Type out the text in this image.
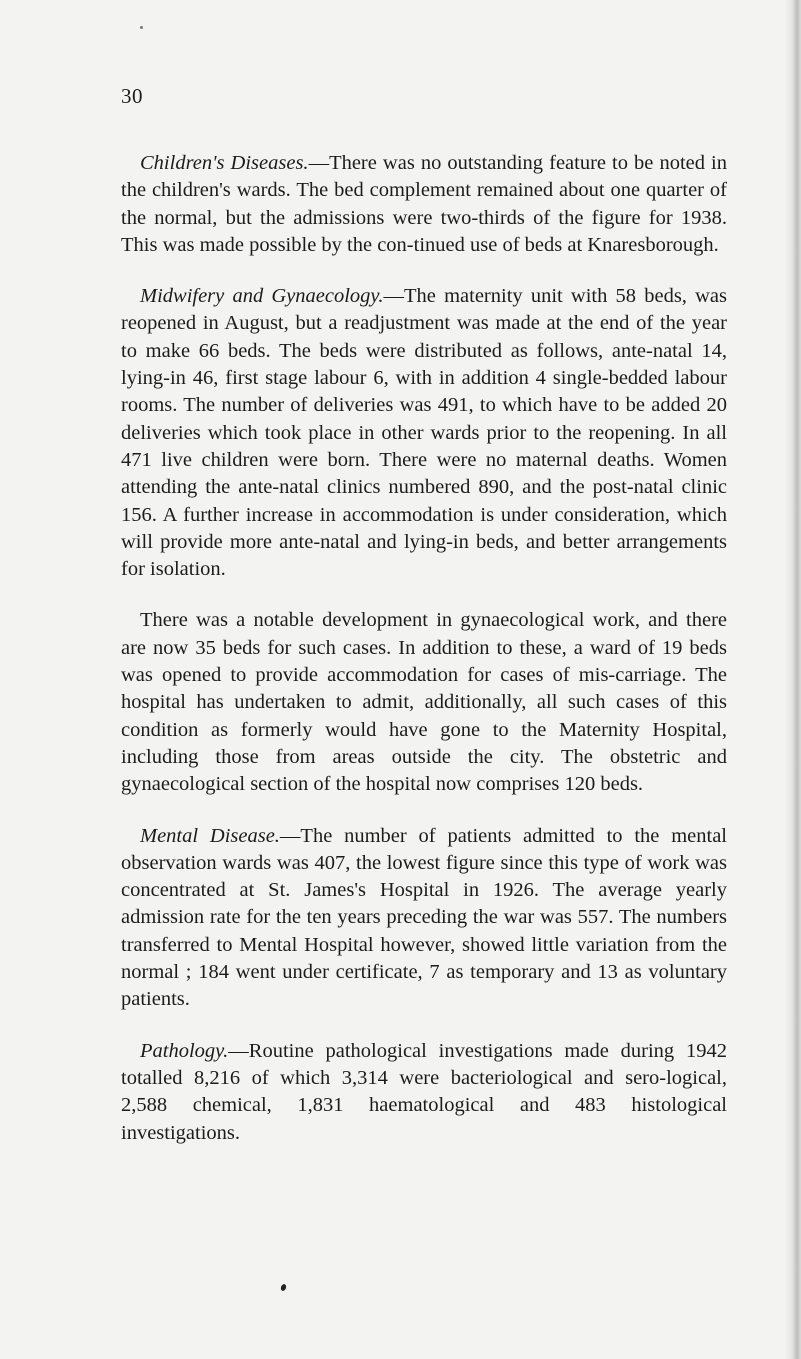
30

Children's Diseases.—There was no outstanding feature to be noted in the children's wards. The bed complement remained about one quarter of the normal, but the admissions were two-thirds of the figure for 1938. This was made possible by the con-tinued use of beds at Knaresborough.

Midwifery and Gynaecology.—The maternity unit with 58 beds, was reopened in August, but a readjustment was made at the end of the year to make 66 beds. The beds were distributed as follows, ante-natal 14, lying-in 46, first stage labour 6, with in addition 4 single-bedded labour rooms. The number of deliveries was 491, to which have to be added 20 deliveries which took place in other wards prior to the reopening. In all 471 live children were born. There were no maternal deaths. Women attending the ante-natal clinics numbered 890, and the post-natal clinic 156. A further increase in accommodation is under consideration, which will provide more ante-natal and lying-in beds, and better arrangements for isolation.

There was a notable development in gynaecological work, and there are now 35 beds for such cases. In addition to these, a ward of 19 beds was opened to provide accommodation for cases of mis-carriage. The hospital has undertaken to admit, additionally, all such cases of this condition as formerly would have gone to the Maternity Hospital, including those from areas outside the city. The obstetric and gynaecological section of the hospital now comprises 120 beds.

Mental Disease.—The number of patients admitted to the mental observation wards was 407, the lowest figure since this type of work was concentrated at St. James's Hospital in 1926. The average yearly admission rate for the ten years preceding the war was 557. The numbers transferred to Mental Hospital however, showed little variation from the normal ; 184 went under certificate, 7 as temporary and 13 as voluntary patients.

Pathology.—Routine pathological investigations made during 1942 totalled 8,216 of which 3,314 were bacteriological and sero-logical, 2,588 chemical, 1,831 haematological and 483 histological investigations.
